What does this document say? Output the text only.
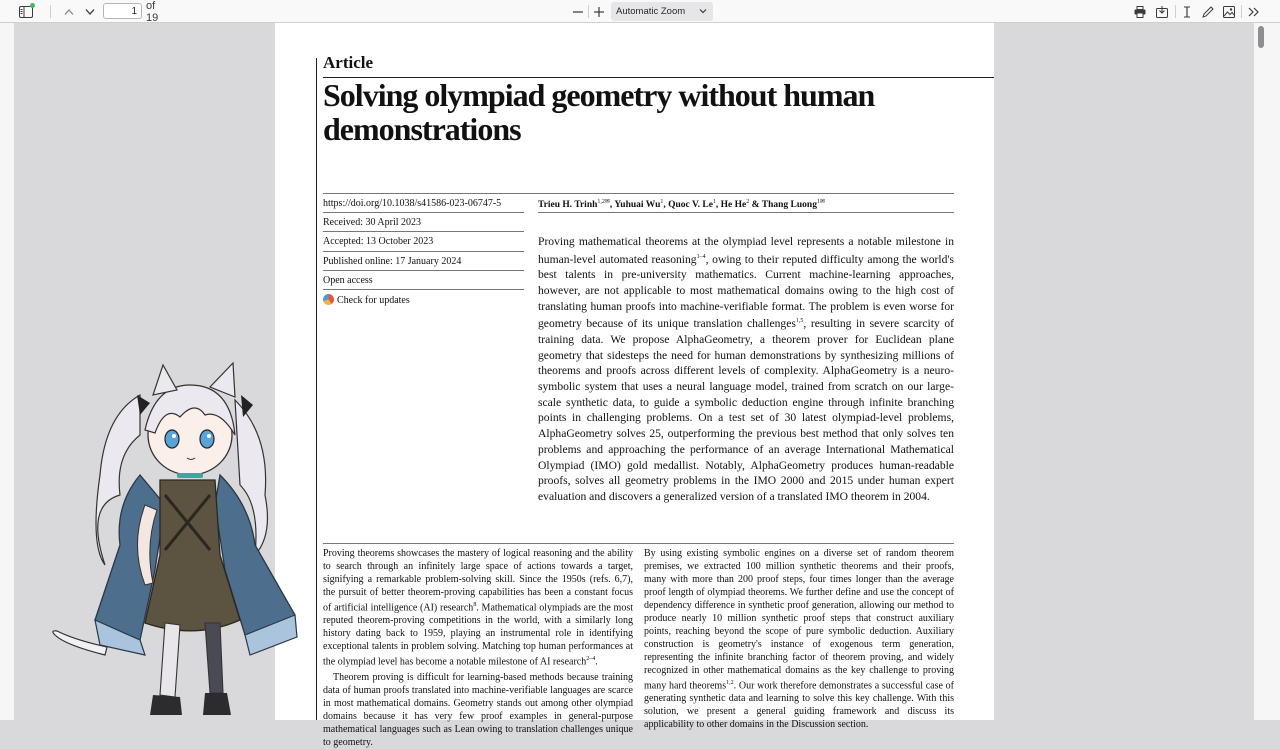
1
of 19	Automatic Zoom
Article
Solving olympiad geometry without human
demonstrations
https://doi.org/10.1038/s41586-023-06747-5
Received: 30 April 2023
Accepted: 13 October 2023
Published online: 17 January 2024
Open access
Check for updates
Trieu H. Trinh$^{1,2✉}$, Yuhuai Wu$^1$, Quoc V. Le$^1$, He He$^2$ & Thang Luong$^{1✉}$
Proving mathematical theorems at the olympiad level represents a notable milestone in human-level automated reasoning$^{1-4}$, owing to their reputed difficulty among the world's best talents in pre-university mathematics. Current machine-learning approaches, however, are not applicable to most mathematical domains owing to the high cost of translating human proofs into machine-verifiable format. The problem is even worse for geometry because of its unique translation challenges$^{1,5}$, resulting in severe scarcity of training data. We propose AlphaGeometry, a theorem prover for Euclidean plane geometry that sidesteps the need for human demonstrations by synthesizing millions of theorems and proofs across different levels of complexity. AlphaGeometry is a neuro-symbolic system that uses a neural language model, trained from scratch on our large-scale synthetic data, to guide a symbolic deduction engine through infinite branching points in challenging problems. On a test set of 30 latest olympiad-level problems, AlphaGeometry solves 25, outperforming the previous best method that only solves ten problems and approaching the performance of an average International Mathematical Olympiad (IMO) gold medallist. Notably, AlphaGeometry produces human-readable proofs, solves all geometry problems in the IMO 2000 and 2015 under human expert evaluation and discovers a generalized version of a translated IMO theorem in 2004.

Proving theorems showcases the mastery of logical reasoning and the ability to search through an infinitely large space of actions towards a target, signifying a remarkable problem-solving skill. Since the 1950s (refs. 6,7), the pursuit of better theorem-proving capabilities has been a constant focus of artificial intelligence (AI) research$^8$. Mathematical olympiads are the most reputed theorem-proving competitions in the world, with a similarly long history dating back to 1959, playing an instrumental role in identifying exceptional talents in problem solving. Matching top human performances at the olympiad level has become a notable milestone of AI research$^{2-4}$.

Theorem proving is difficult for learning-based methods because training data of human proofs translated into machine-verifiable languages are scarce in most mathematical domains. Geometry stands out among other olympiad domains because it has very few proof examples in general-purpose mathematical languages such as Lean owing to translation challenges unique to geometry.

By using existing symbolic engines on a diverse set of random theorem premises, we extracted 100 million synthetic theorems and their proofs, many with more than 200 proof steps, four times longer than the average proof length of olympiad theorems. We further define and use the concept of dependency difference in synthetic proof generation, allowing our method to produce nearly 10 million synthetic proof steps that construct auxiliary points, reaching beyond the scope of pure symbolic deduction. Auxiliary construction is geometry's instance of exogenous term generation, representing the infinite branching factor of theorem proving, and widely recognized in other mathematical domains as the key challenge to proving many hard theorems$^{1,2}$. Our work therefore demonstrates a successful case of generating synthetic data and learning to solve this key challenge. With this solution, we present a general guiding framework and discuss its applicability to other domains in the Discussion section.
